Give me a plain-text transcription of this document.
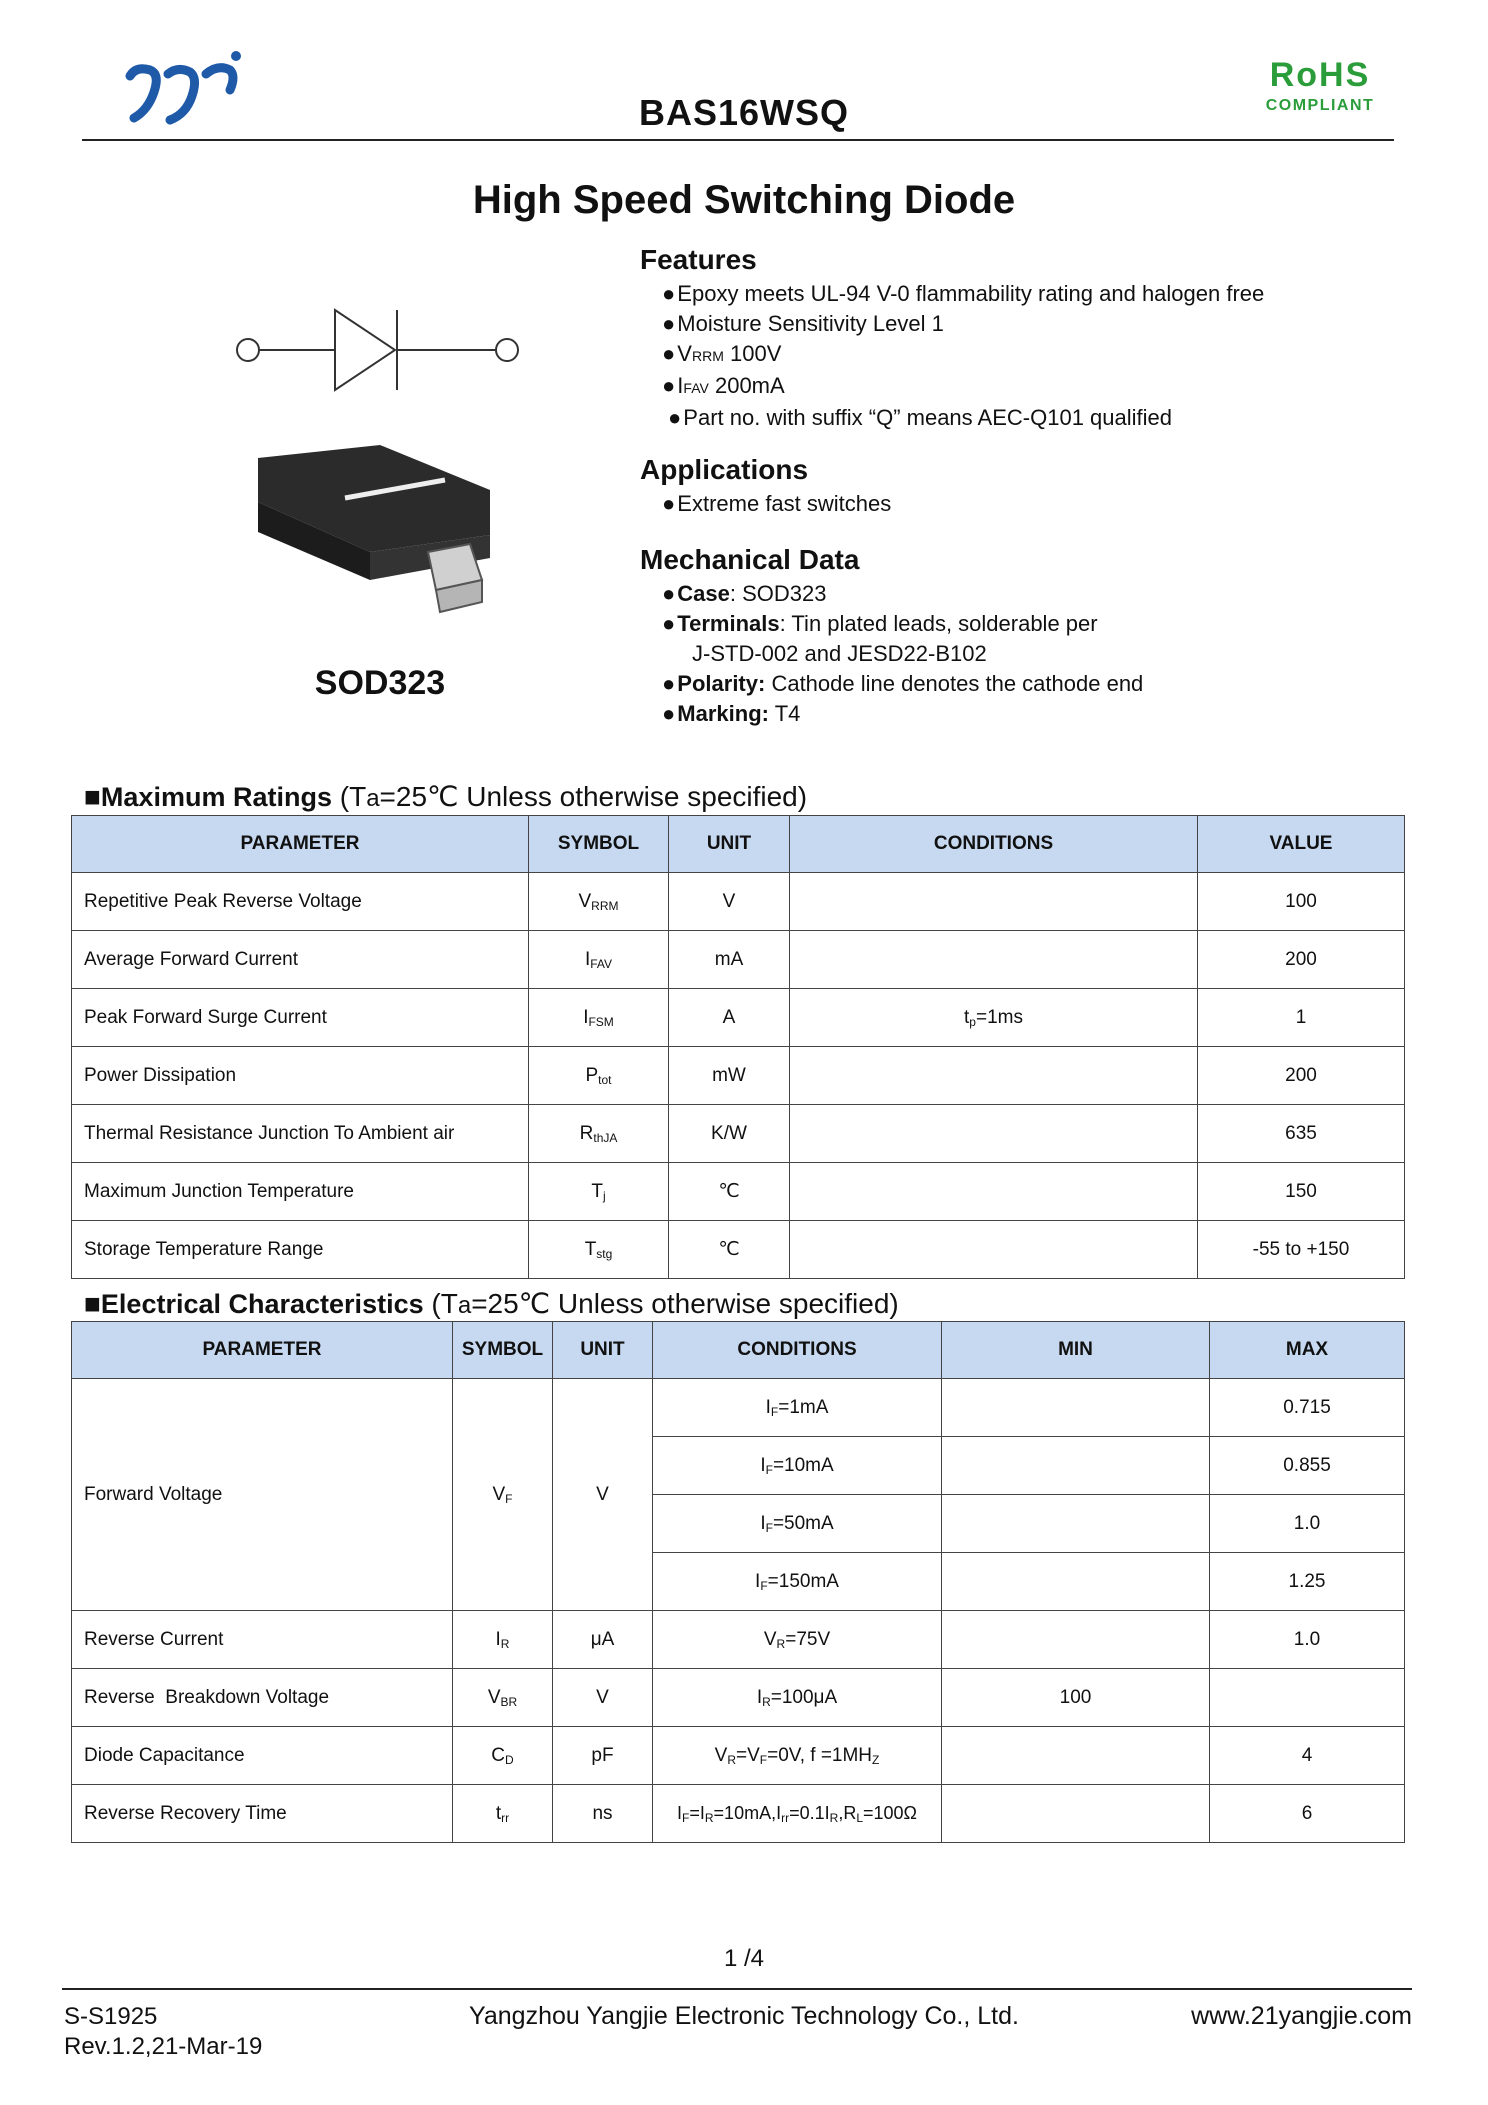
BAS16WSQ
RoHS
COMPLIANT
High Speed Switching Diode
SOD323
Features
●Epoxy meets UL-94 V-0 flammability rating and halogen free
●Moisture Sensitivity Level 1
●VRRM 100V
●IFAV 200mA
●Part no. with suffix “Q” means AEC-Q101 qualified
Applications
●Extreme fast switches
Mechanical Data
●Case: SOD323
●Terminals: Tin plated leads, solderable per
J-STD-002 and JESD22-B102
●Polarity: Cathode line denotes the cathode end
●Marking: T4
■Maximum Ratings (Ta=25℃ Unless otherwise specified)
PARAMETER	SYMBOL	UNIT	CONDITIONS	VALUE
Repetitive Peak Reverse Voltage	$V_{RRM}$	V		100
Average Forward Current	$I_{FAV}$	mA		200
Peak Forward Surge Current	$I_{FSM}$	A	$t_p=1ms$	1
Power Dissipation	$P_{tot}$	mW		200
Thermal Resistance Junction To Ambient air	$R_{thJA}$	K/W		635
Maximum Junction Temperature	$T_j$	℃		150
Storage Temperature Range	$T_{stg}$	℃		-55 to +150
■Electrical Characteristics (Ta=25℃ Unless otherwise specified)
PARAMETER	SYMBOL	UNIT	CONDITIONS	MIN	MAX
Forward Voltage	$V_F$	V	$I_F=1mA$		0.715
			$I_F=10mA$		0.855
			$I_F=50mA$		1.0
			$I_F=150mA$		1.25
Reverse Current	$I_R$	μA	$V_R=75V$		1.0
Reverse  Breakdown Voltage	$V_{BR}$	V	$I_R=100\mu A$	100	
Diode Capacitance	$C_D$	pF	$V_R=V_F=0V$, $f =1MH_Z$		4
Reverse Recovery Time	$t_{rr}$	ns	$I_F=I_R=10mA,I_{rr}=0.1I_R,R_L=100\Omega$		6
1 /4
S-S1925
Rev.1.2,21-Mar-19
Yangzhou Yangjie Electronic Technology Co., Ltd.	www.21yangjie.com
